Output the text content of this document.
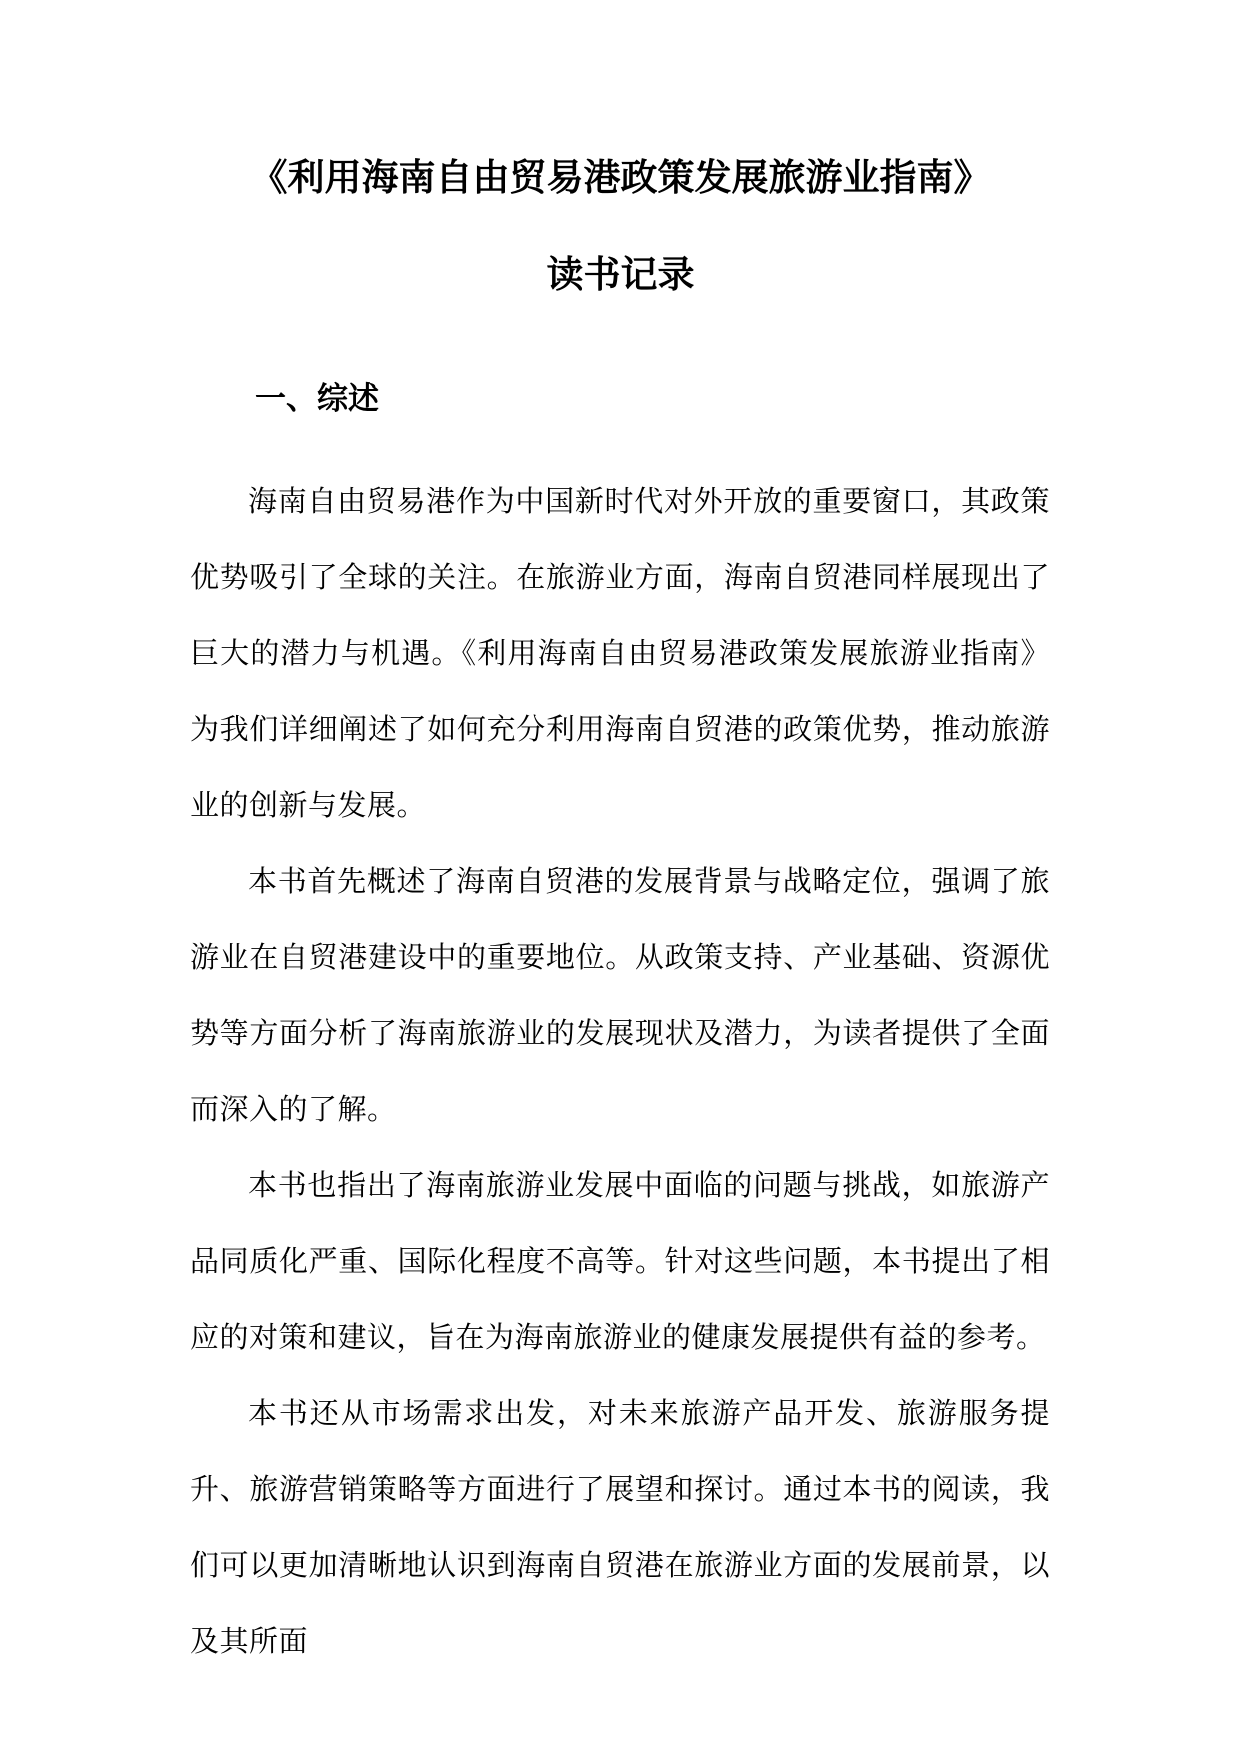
《利用海南自由贸易港政策发展旅游业指南》
读书记录
一、综述

海南自由贸易港作为中国新时代对外开放的重要窗口，其政策优势吸引了全球的关注。在旅游业方面，海南自贸港同样展现出了巨大的潜力与机遇。《利用海南自由贸易港政策发展旅游业指南》为我们详细阐述了如何充分利用海南自贸港的政策优势，推动旅游业的创新与发展。

本书首先概述了海南自贸港的发展背景与战略定位，强调了旅游业在自贸港建设中的重要地位。从政策支持、产业基础、资源优势等方面分析了海南旅游业的发展现状及潜力，为读者提供了全面而深入的了解。

本书也指出了海南旅游业发展中面临的问题与挑战，如旅游产品同质化严重、国际化程度不高等。针对这些问题，本书提出了相应的对策和建议，旨在为海南旅游业的健康发展提供有益的参考。

本书还从市场需求出发，对未来旅游产品开发、旅游服务提升、旅游营销策略等方面进行了展望和探讨。通过本书的阅读，我们可以更加清晰地认识到海南自贸港在旅游业方面的发展前景，以及其所面
